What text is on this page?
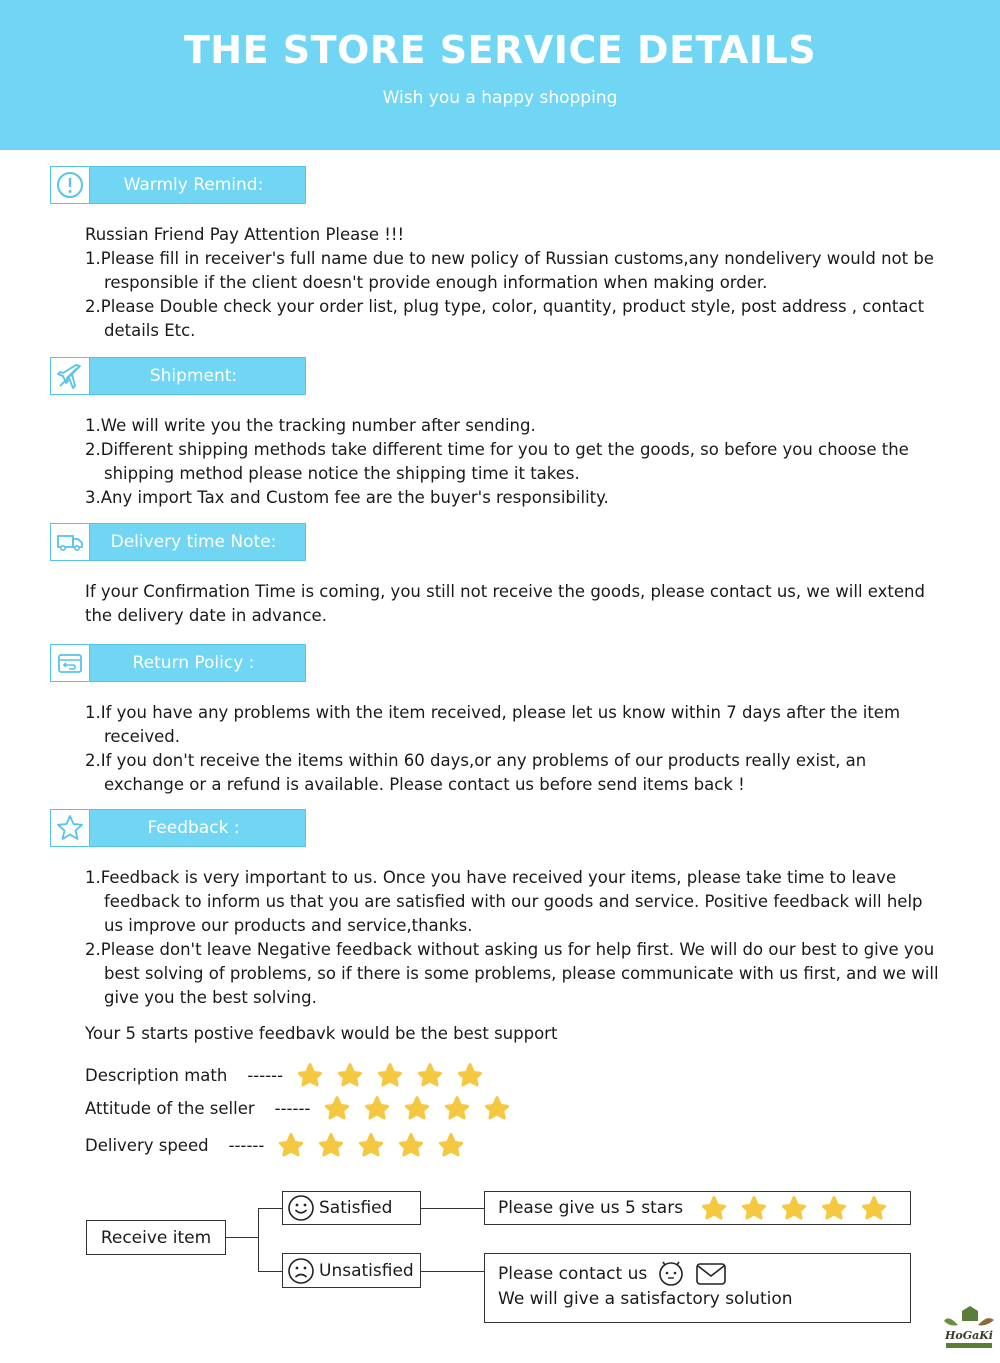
THE STORE SERVICE DETAILS
Wish you a happy shopping
Warmly Remind:

Russian Friend Pay Attention Please !!!

1.Please fill in receiver's full name due to new policy of Russian customs,any nondelivery would not be responsible if the client doesn't provide enough information when making order.

2.Please Double check your order list, plug type, color, quantity, product style, post address , contact details Etc.

Shipment:

1.We will write you the tracking number after sending.

2.Different shipping methods take different time for you to get the goods, so before you choose the shipping method please notice the shipping time it takes.

3.Any import Tax and Custom fee are the buyer's responsibility.

Delivery time Note:

If your Confirmation Time is coming, you still not receive the goods, please contact us, we will extend the delivery date in advance.

Return Policy :

1.If you have any problems with the item received, please let us know within 7 days after the item received.

2.If you don't receive the items within 60 days,or any problems of our products really exist, an exchange or a refund is available. Please contact us before send items back !

Feedback :

1.Feedback is very important to us. Once you have received your items, please take time to leave feedback to inform us that you are satisfied with our goods and service. Positive feedback will help us improve our products and service,thanks.

2.Please don't leave Negative feedback without asking us for help first. We will do our best to give you best solving of problems, so if there is some problems, please communicate with us first, and we will give you the best solving.

Your 5 starts postive feedbavk would be the best support

Description math ------
Attitude of the seller ------
Delivery speed ------
Receive item
Satisfied
Unsatisfied
Please give us 5 stars
Please contact us
We will give a satisfactory solution
HoGaKi
